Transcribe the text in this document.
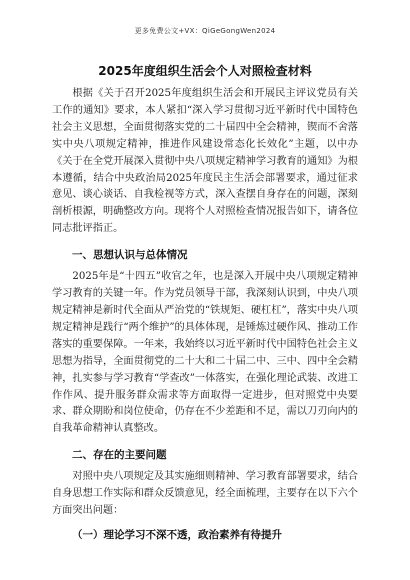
更多免费公文+VX：QiGeGongWen2024
2025年度组织生活会个人对照检查材料

根据《关于召开2025年度组织生活会和开展民主评议党员有关工作的通知》要求，本人紧扣“深入学习贯彻习近平新时代中国特色社会主义思想，全面贯彻落实党的二十届四中全会精神，锲而不舍落实中央八项规定精神，推进作风建设常态化长效化”主题，以中办《关于在全党开展深入贯彻中央八项规定精神学习教育的通知》为根本遵循，结合中央政治局2025年度民主生活会部署要求，通过征求意见、谈心谈话、自我检视等方式，深入查摆自身存在的问题，深刻剖析根源，明确整改方向。现将个人对照检查情况报告如下，请各位同志批评指正。

一、思想认识与总体情况

2025年是“十四五”收官之年，也是深入开展中央八项规定精神学习教育的关键一年。作为党员领导干部，我深刻认识到，中央八项规定精神是新时代全面从严治党的“铁规矩、硬杠杠”，落实中央八项规定精神是践行“两个维护”的具体体现，是锤炼过硬作风、推动工作落实的重要保障。一年来，我始终以习近平新时代中国特色社会主义思想为指导，全面贯彻党的二十大和二十届二中、三中、四中全会精神，扎实参与学习教育“学查改”一体落实，在强化理论武装、改进工作作风、提升服务群众需求等方面取得一定进步，但对照党中央要求、群众期盼和岗位使命，仍存在不少差距和不足，需以刀刃向内的自我革命精神认真整改。

二、存在的主要问题

对照中央八项规定及其实施细则精神、学习教育部署要求，结合自身思想工作实际和群众反馈意见，经全面梳理，主要存在以下六个方面突出问题：

（一）理论学习不深不透，政治素养有待提升
